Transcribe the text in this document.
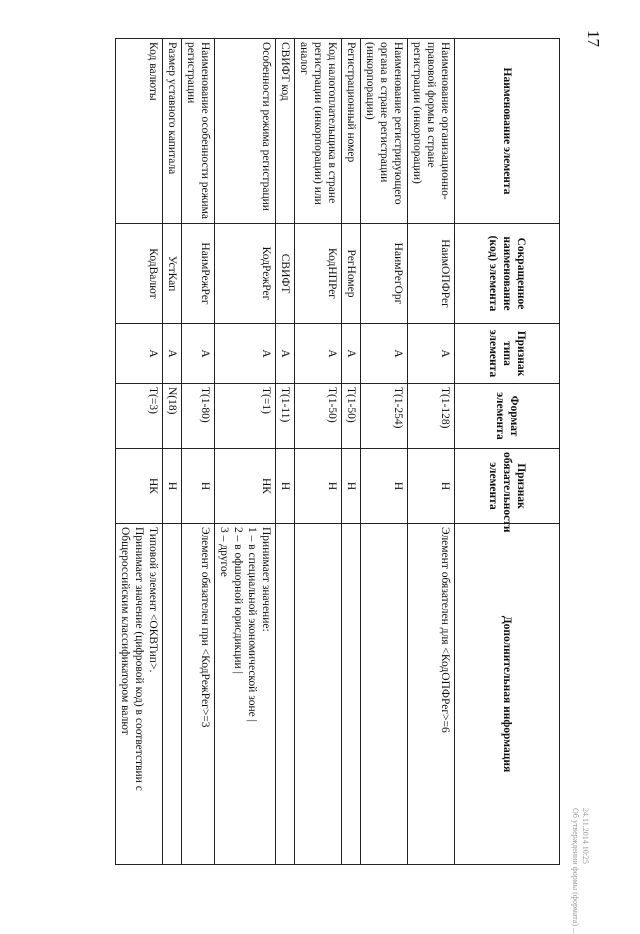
17
24.11.2014 10:25
Об утверждении формы (формата) ...
Наименование элемента	Сокращенное наименование (код) элемента	Признак типа элемента	Формат элемента	Признак обязательности элемента	Дополнительная информация
Наименование организационно-правовой формы в стране регистрации (инкорпорации)	НаимОПФРег	A	T(1-128)	Н	Элемент обязателен для <КодОПФРег>=6

Наименование регистрирующего органа в стране регистрации (инкорпорации)	НаимРегОрг	A	T(1-254)	Н	
Регистрационный номер	РегНомер	A	T(1-50)	Н	
Код налогоплательщика в стране регистрации (инкорпорации) или аналог	КодНПРег	A	T(1-50)	Н	
СВИФТ код	СВИФТ	A	T(1-11)	Н	
Особенности режима регистрации	КодРежРег	A	T(=1)	НК	Принимает значение:
1 – в специальной экономической зоне |
2 – в офшорной юрисдикции |
3 – другое

Наименование особенности режима регистрации	НаимРежРег	A	T(1-80)	Н	Элемент обязателен при <КодРежРег>=3

Размер уставного капитала	УстКап	A	N(18)	Н	
Код валюты	КодВалют	A	T(=3)	НК	Типовой элемент <ОКВТип>.
Принимает значение (цифровой код) в соответствии с Общероссийским классификатором валют
